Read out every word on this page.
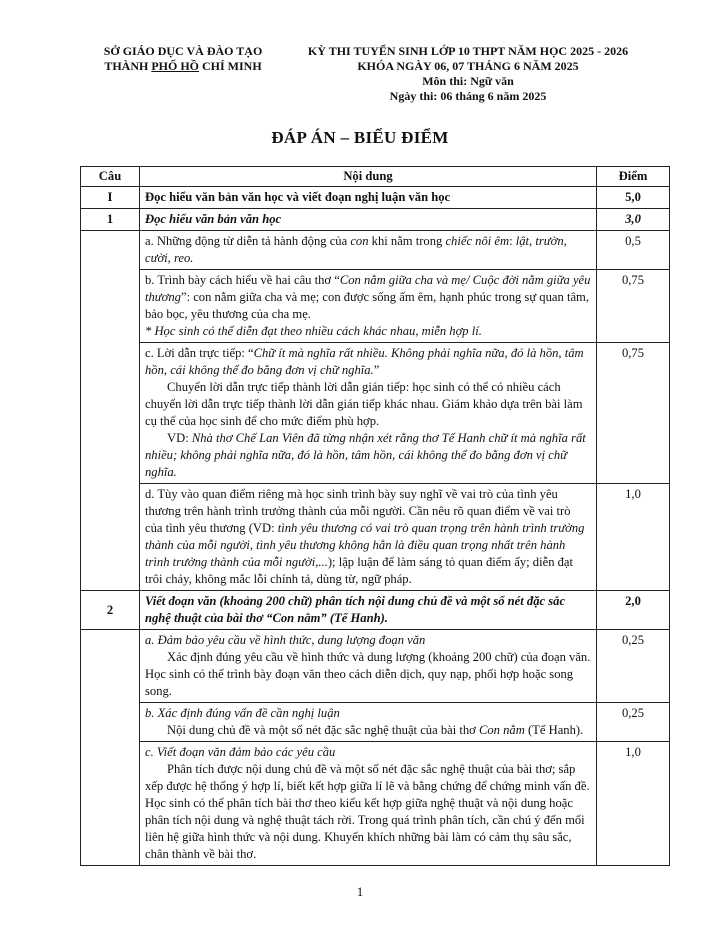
SỞ GIÁO DỤC VÀ ĐÀO TẠO
THÀNH PHỐ HỒ CHÍ MINH
KỲ THI TUYỂN SINH LỚP 10 THPT NĂM HỌC 2025 - 2026
KHÓA NGÀY 06, 07 THÁNG 6 NĂM 2025
Môn thi: Ngữ văn
Ngày thi: 06 tháng 6 năm 2025
ĐÁP ÁN – BIỂU ĐIỂM
Câu	Nội dung	Điểm
I	Đọc hiểu văn bản văn học và viết đoạn nghị luận văn học	5,0
1	Đọc hiểu văn bản văn học	3,0
	a. Những động từ diễn tả hành động của con khi nằm trong chiếc nôi êm: lật, trườn, cười, reo.	0,5
	b. Trình bày cách hiểu về hai câu thơ “Con nằm giữa cha và mẹ/ Cuộc đời nằm giữa yêu thương”: con nằm giữa cha và mẹ; con được sống ấm êm, hạnh phúc trong sự quan tâm, bảo bọc, yêu thương của cha mẹ.
* Học sinh có thể diễn đạt theo nhiều cách khác nhau, miễn hợp lí.	0,75
	c. Lời dẫn trực tiếp: “Chữ ít mà nghĩa rất nhiều. Không phải nghĩa nữa, đó là hồn, tâm hồn, cái không thể đo bằng đơn vị chữ nghĩa.”
Chuyển lời dẫn trực tiếp thành lời dẫn gián tiếp: học sinh có thể có nhiều cách chuyển lời dẫn trực tiếp thành lời dẫn gián tiếp khác nhau. Giám khảo dựa trên bài làm cụ thể của học sinh để cho mức điểm phù hợp.
VD: Nhà thơ Chế Lan Viên đã từng nhận xét rằng thơ Tế Hanh chữ ít mà nghĩa rất nhiều; không phải nghĩa nữa, đó là hồn, tâm hồn, cái không thể đo bằng đơn vị chữ nghĩa.	0,75
	d. Tùy vào quan điểm riêng mà học sinh trình bày suy nghĩ về vai trò của tình yêu thương trên hành trình trưởng thành của mỗi người. Cần nêu rõ quan điểm về vai trò của tình yêu thương (VD: tình yêu thương có vai trò quan trọng trên hành trình trưởng thành của mỗi người, tình yêu thương không hẳn là điều quan trọng nhất trên hành trình trưởng thành của mỗi người,...); lập luận để làm sáng tỏ quan điểm ấy; diễn đạt trôi chảy, không mắc lỗi chính tả, dùng từ, ngữ pháp.	1,0
2	Viết đoạn văn (khoảng 200 chữ) phân tích nội dung chủ đề và một số nét đặc sắc nghệ thuật của bài thơ “Con nằm” (Tế Hanh).	2,0
	a. Đảm bảo yêu cầu về hình thức, dung lượng đoạn văn
Xác định đúng yêu cầu về hình thức và dung lượng (khoảng 200 chữ) của đoạn văn. Học sinh có thể trình bày đoạn văn theo cách diễn dịch, quy nạp, phối hợp hoặc song song.	0,25
	b. Xác định đúng vấn đề cần nghị luận
Nội dung chủ đề và một số nét đặc sắc nghệ thuật của bài thơ Con nằm (Tế Hanh).	0,25
	c. Viết đoạn văn đảm bảo các yêu cầu
Phân tích được nội dung chủ đề và một số nét đặc sắc nghệ thuật của bài thơ; sắp xếp được hệ thống ý hợp lí, biết kết hợp giữa lí lẽ và bằng chứng để chứng minh vấn đề. Học sinh có thể phân tích bài thơ theo kiểu kết hợp giữa nghệ thuật và nội dung hoặc phân tích nội dung và nghệ thuật tách rời. Trong quá trình phân tích, cần chú ý đến mối liên hệ giữa hình thức và nội dung. Khuyến khích những bài làm có cảm thụ sâu sắc, chân thành về bài thơ.	1,0
1
